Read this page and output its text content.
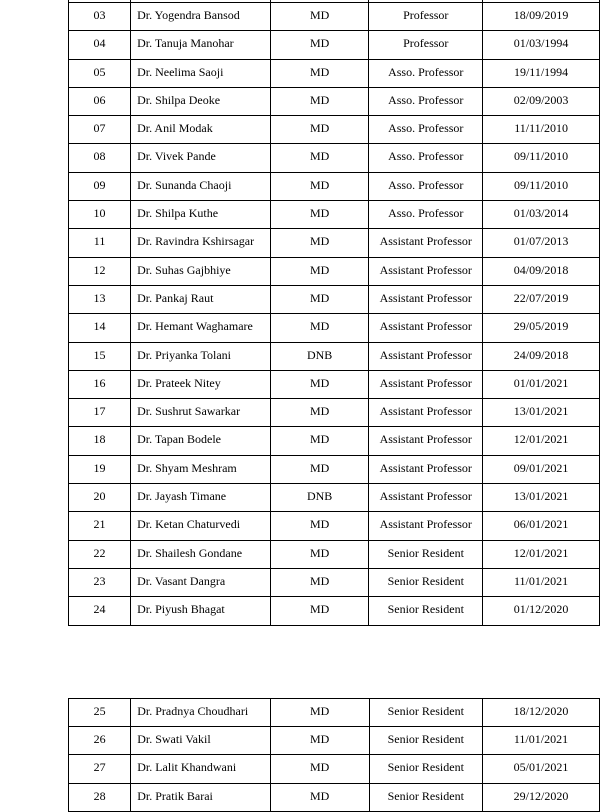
03	Dr. Yogendra Bansod	MD	Professor	18/09/2019
04	Dr. Tanuja Manohar	MD	Professor	01/03/1994
05	Dr. Neelima Saoji	MD	Asso. Professor	19/11/1994
06	Dr. Shilpa Deoke	MD	Asso. Professor	02/09/2003
07	Dr. Anil Modak	MD	Asso. Professor	11/11/2010
08	Dr. Vivek Pande	MD	Asso. Professor	09/11/2010
09	Dr. Sunanda Chaoji	MD	Asso. Professor	09/11/2010
10	Dr. Shilpa Kuthe	MD	Asso. Professor	01/03/2014
11	Dr. Ravindra Kshirsagar	MD	Assistant Professor	01/07/2013
12	Dr. Suhas Gajbhiye	MD	Assistant Professor	04/09/2018
13	Dr. Pankaj Raut	MD	Assistant Professor	22/07/2019
14	Dr. Hemant Waghamare	MD	Assistant Professor	29/05/2019
15	Dr. Priyanka Tolani	DNB	Assistant Professor	24/09/2018
16	Dr. Prateek Nitey	MD	Assistant Professor	01/01/2021
17	Dr. Sushrut Sawarkar	MD	Assistant Professor	13/01/2021
18	Dr. Tapan Bodele	MD	Assistant Professor	12/01/2021
19	Dr. Shyam Meshram	MD	Assistant Professor	09/01/2021
20	Dr. Jayash Timane	DNB	Assistant Professor	13/01/2021
21	Dr. Ketan Chaturvedi	MD	Assistant Professor	06/01/2021
22	Dr. Shailesh Gondane	MD	Senior Resident	12/01/2021
23	Dr. Vasant Dangra	MD	Senior Resident	11/01/2021
24	Dr. Piyush Bhagat	MD	Senior Resident	01/12/2020
25	Dr. Pradnya Choudhari	MD	Senior Resident	18/12/2020
26	Dr. Swati Vakil	MD	Senior Resident	11/01/2021
27	Dr. Lalit Khandwani	MD	Senior Resident	05/01/2021
28	Dr. Pratik Barai	MD	Senior Resident	29/12/2020
